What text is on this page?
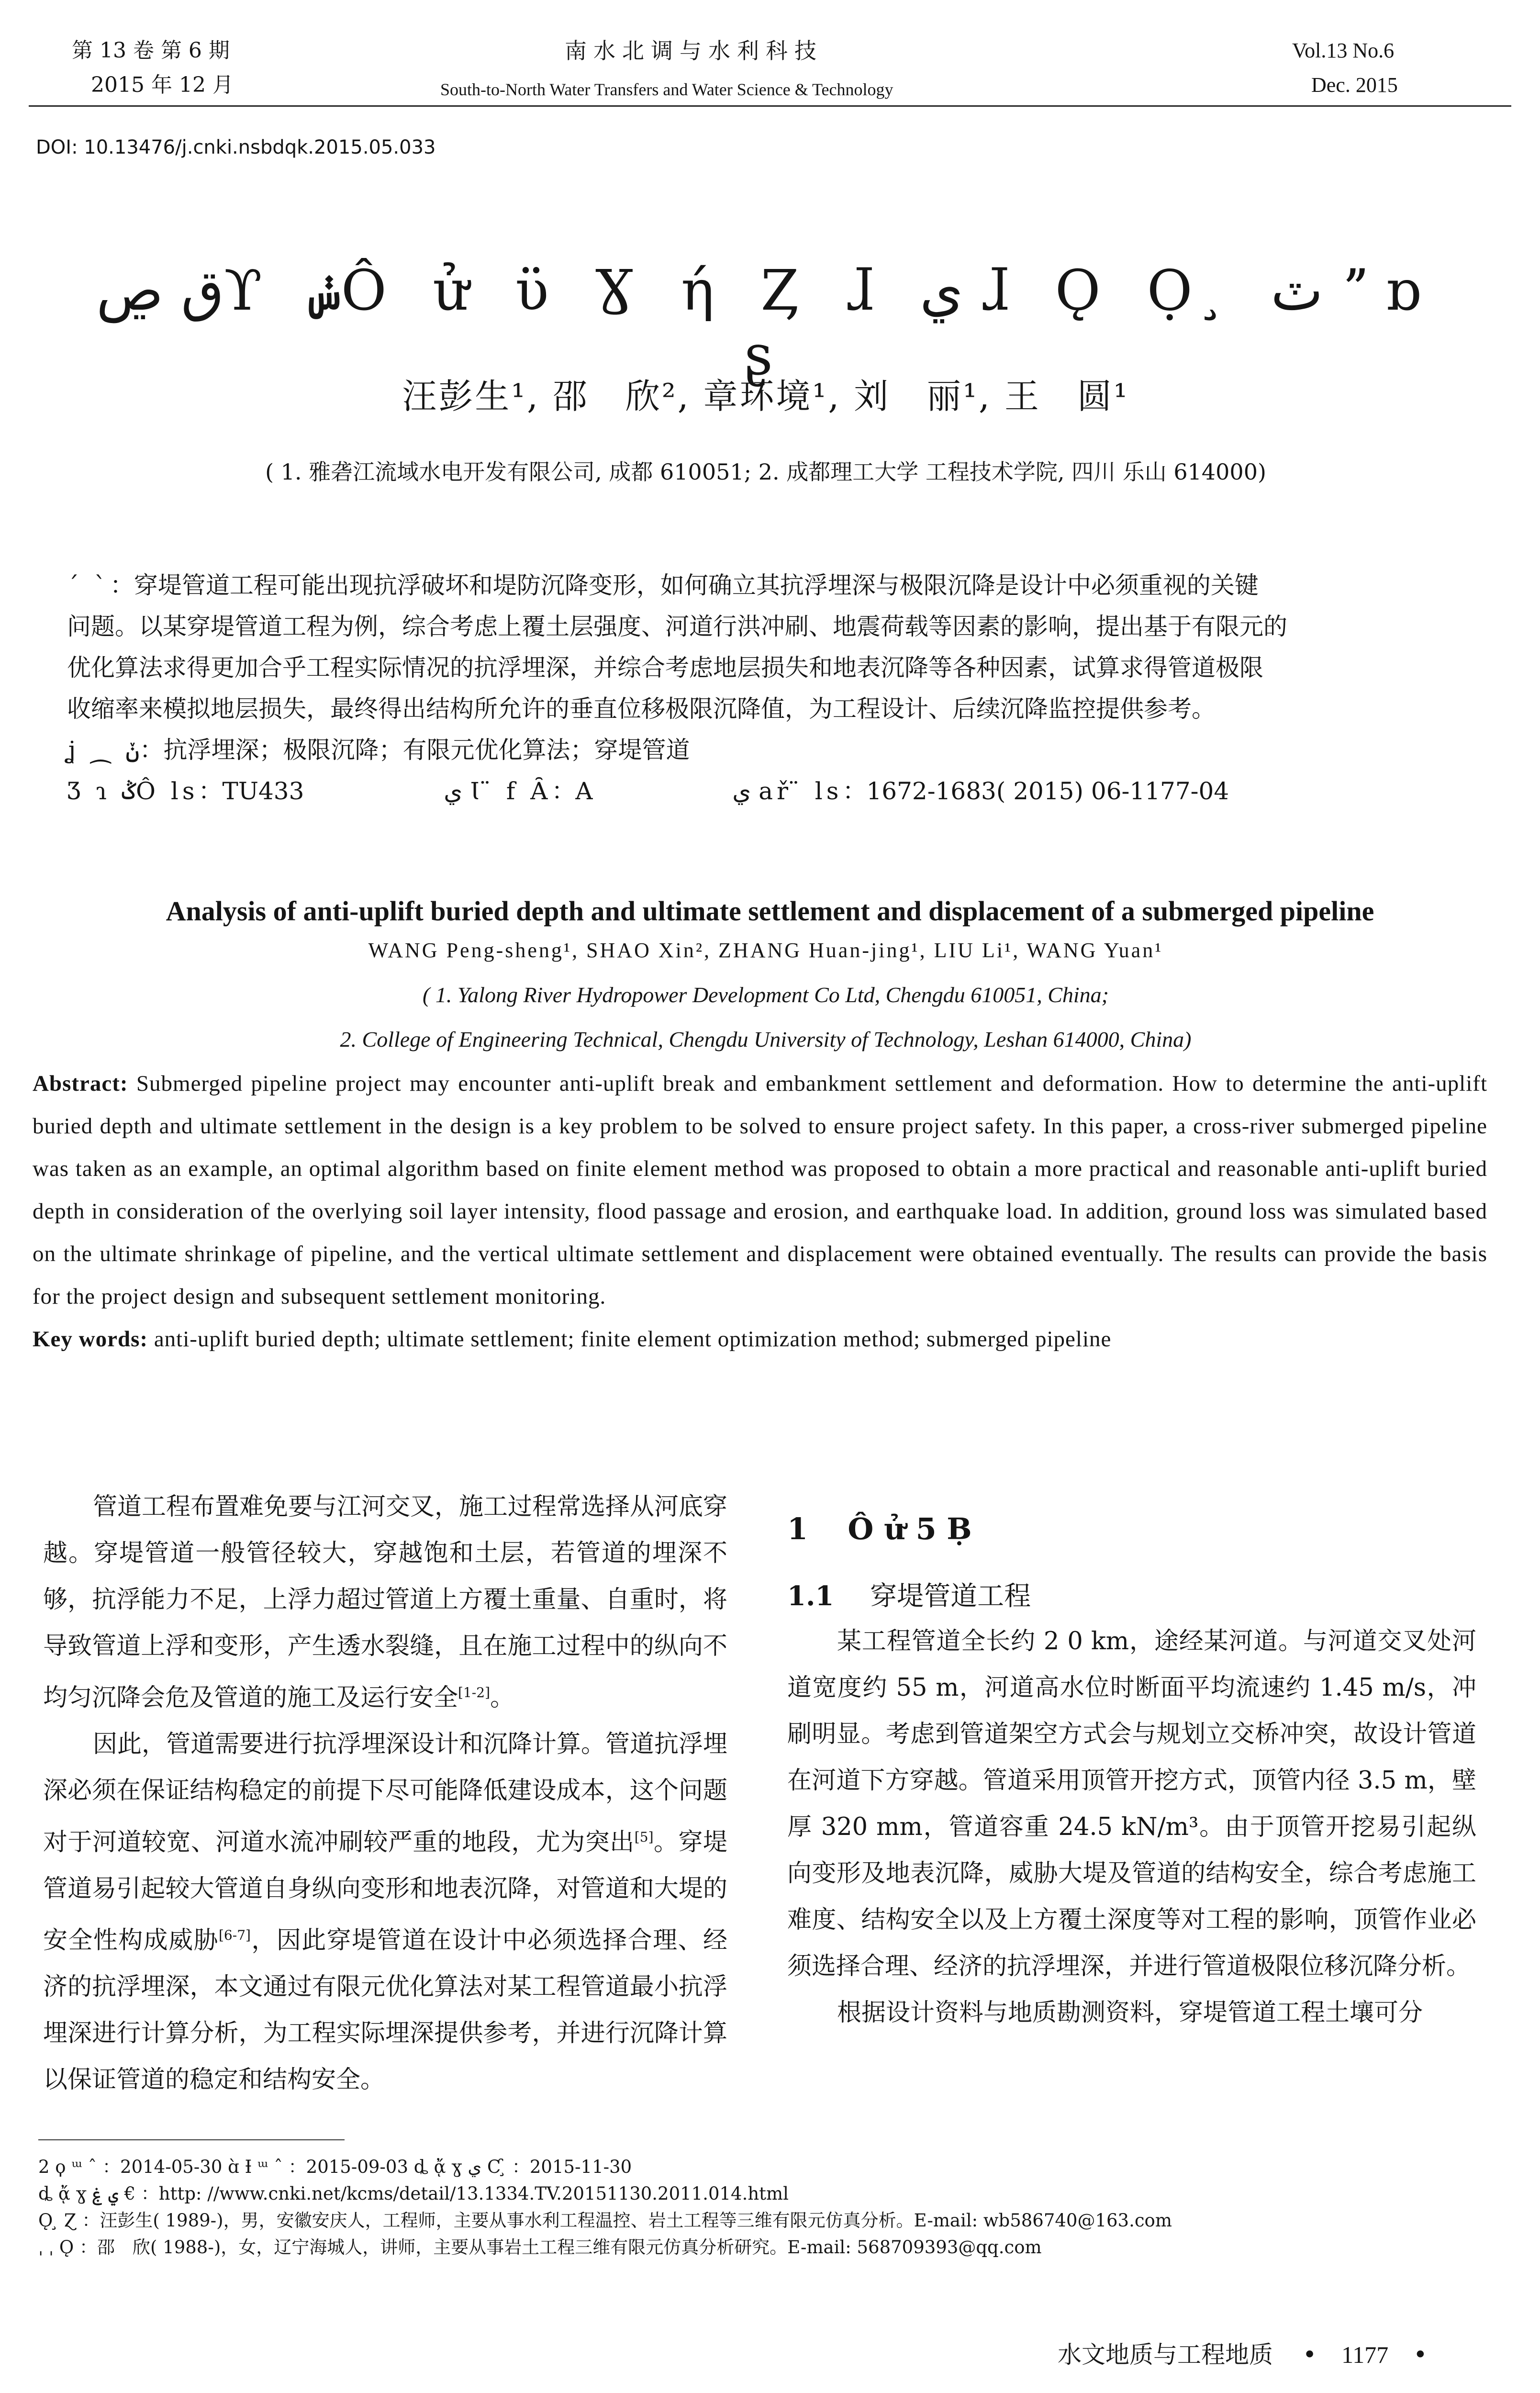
第 13 卷 第 6 期
2015 年 12 月
南水北调与水利科技
South-to-North Water Transfers and Water Science & Technology
Vol.13 No.6
Dec. 2015
DOI: 10.13476/j.cnki.nsbdqk.2015.05.033
ق ڝϒ ݭÔ ử ϋ Ɣ ή Ȥ ɺ ي ɺ Ǫ Ọ ̧ ٽ ˮ ɒ ʂ
汪彭生¹, 邵　欣², 章环境¹, 刘　丽¹, 王　圆¹
( 1. 雅砻江流域水电开发有限公司, 成都 610051; 2. 成都理工大学 工程技术学院, 四川 乐山 614000)

ˊ ˋ：穿堤管道工程可能出现抗浮破坏和堤防沉降变形，如何确立其抗浮埋深与极限沉降是设计中必须重视的关键

问题。以某穿堤管道工程为例，综合考虑上覆土层强度、河道行洪冲刷、地震荷载等因素的影响，提出基于有限元的

优化算法求得更加合乎工程实际情况的抗浮埋深，并综合考虑地层损失和地表沉降等各种因素，试算求得管道极限

收缩率来模拟地层损失，最终得出结构所允许的垂直位移极限沉降值，为工程设计、后续沉降监控提供参考。

ʝ ⁔ ݩ：抗浮埋深；极限沉降；有限元优化算法；穿堤管道

Ʒ ɿ ݣÔ ls：TU433	ي Ɩ ̈ f Ȃ：A	ي ař ̈ ls：1672-1683( 2015) 06-1177-04

Analysis of anti-uplift buried depth and ultimate settlement and displacement of a submerged pipeline
WANG Peng-sheng¹, SHAO Xin², ZHANG Huan-jing¹, LIU Li¹, WANG Yuan¹
( 1. Yalong River Hydropower Development Co Ltd, Chengdu 610051, China;
2. College of Engineering Technical, Chengdu University of Technology, Leshan 614000, China)
Abstract: Submerged pipeline project may encounter anti-uplift break and embankment settlement and deformation. How to determine the anti-uplift buried depth and ultimate settlement in the design is a key problem to be solved to ensure project safety. In this paper, a cross-river submerged pipeline was taken as an example, an optimal algorithm based on finite element method was proposed to obtain a more practical and reasonable anti-uplift buried depth in consideration of the overlying soil layer intensity, flood passage and erosion, and earthquake load. In addition, ground loss was simulated based on the ultimate shrinkage of pipeline, and the vertical ultimate settlement and displacement were obtained eventually. The results can provide the basis for the project design and subsequent settlement monitoring.
Key words: anti-uplift buried depth; ultimate settlement; finite element optimization method; submerged pipeline

管道工程布置难免要与江河交叉，施工过程常选择从河底穿越。穿堤管道一般管径较大，穿越饱和土层，若管道的埋深不够，抗浮能力不足，上浮力超过管道上方覆土重量、自重时，将导致管道上浮和变形，产生透水裂缝，且在施工过程中的纵向不均匀沉降会危及管道的施工及运行安全[1-2]。

因此，管道需要进行抗浮埋深设计和沉降计算。管道抗浮埋深必须在保证结构稳定的前提下尽可能降低建设成本，这个问题对于河道较宽、河道水流冲刷较严重的地段，尤为突出[5]。穿堤管道易引起较大管道自身纵向变形和地表沉降，对管道和大堤的安全性构成威胁[6-7]，因此穿堤管道在设计中必须选择合理、经济的抗浮埋深，本文通过有限元优化算法对某工程管道最小抗浮埋深进行计算分析，为工程实际埋深提供参考，并进行沉降计算以保证管道的稳定和结构安全。

1 Ô ử 5 Ḅ
1.1 穿堤管道工程

某工程管道全长约 2 0 km，途经某河道。与河道交叉处河道宽度约 55 m，河道高水位时断面平均流速约 1.45 m/s，冲刷明显。考虑到管道架空方式会与规划立交桥冲突，故设计管道在河道下方穿越。管道采用顶管开挖方式，顶管内径 3.5 m，壁厚 320 mm，管道容重 24.5 kN/m³。由于顶管开挖易引起纵向变形及地表沉降，威胁大堤及管道的结构安全，综合考虑施工难度、结构安全以及上方覆土深度等对工程的影响，顶管作业必须选择合理、经济的抗浮埋深，并进行管道极限位移沉降分析。

根据设计资料与地质勘测资料，穿堤管道工程土壤可分

2 ϙ ᵚ ˆ ：2014-05-30 ɑ̀ Ɨ ᵚ ˆ ：2015-09-03 ȡ ᾄ ɣ ي Ƈ ̧ ：2015-11-30
ȡ ᾄ ɣ ي ۼ € ：http: //www.cnki.net/kcms/detail/13.1334.TV.20151130.2011.014.html
Ǫ ̧ Ɀ ：汪彭生( 1989-)，男，安徽安庆人，工程师，主要从事水利工程温控、岩土工程等三维有限元仿真分析。E-mail: wb586740@163.com
ˌ ˌ Ǫ ：邵　欣( 1988-)，女，辽宁海城人，讲师，主要从事岩土工程三维有限元仿真分析研究。E-mail: 568709393@qq.com
水文地质与工程地质 • 1177 •
